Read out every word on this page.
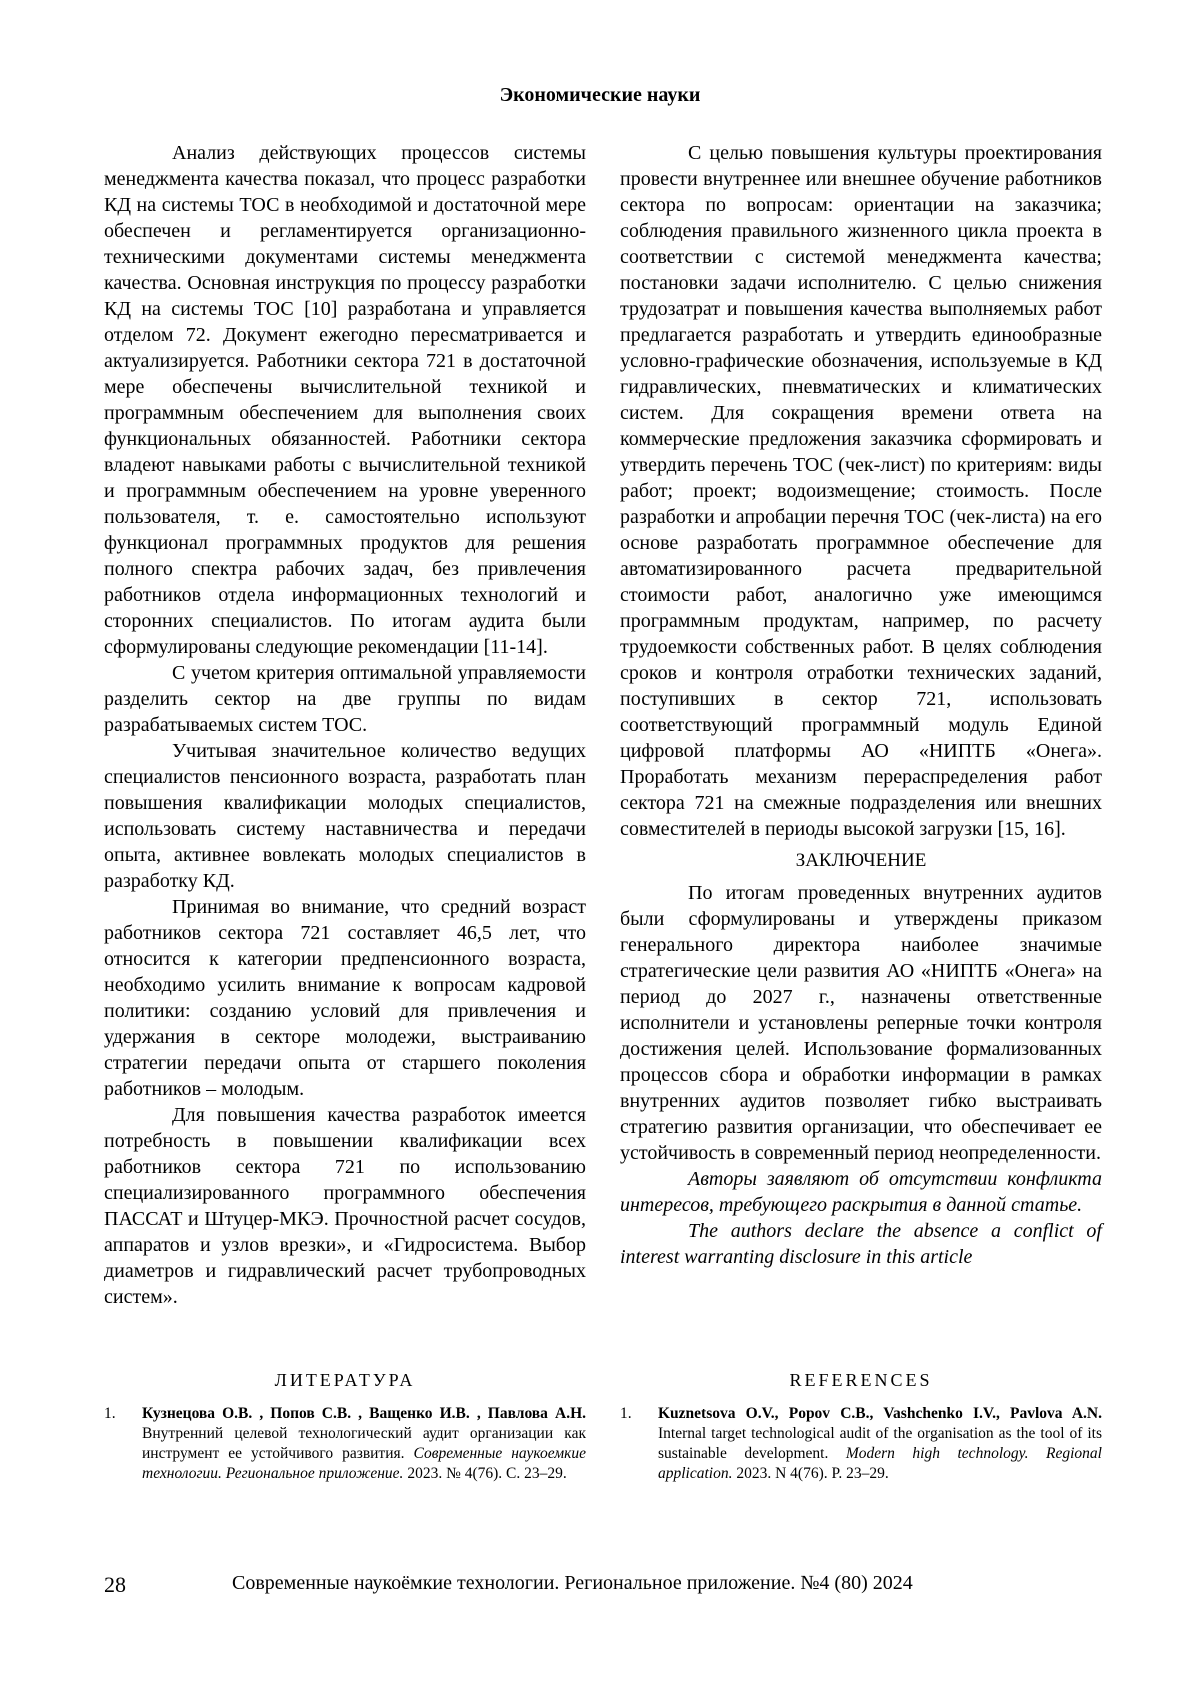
Экономические науки

Анализ действующих процессов системы менеджмента качества показал, что процесс разработки КД на системы ТОС в необходимой и достаточной мере обеспечен и регламентируется организационно-техническими документами системы менеджмента качества. Основная инструкция по процессу разработки КД на системы ТОС [10] разработана и управляется отделом 72. Документ ежегодно пересматривается и актуализируется. Работники сектора 721 в достаточной мере обеспечены вычислительной техникой и программным обеспечением для выполнения своих функциональных обязанностей. Работники сектора владеют навыками работы с вычислительной техникой и программным обеспечением на уровне уверенного пользователя, т. е. самостоятельно используют функционал программных продуктов для решения полного спектра рабочих задач, без привлечения работников отдела информационных технологий и сторонних специалистов. По итогам аудита были сформулированы следующие рекомендации [11-14].

С учетом критерия оптимальной управляемости разделить сектор на две группы по видам разрабатываемых систем ТОС.

Учитывая значительное количество ведущих специалистов пенсионного возраста, разработать план повышения квалификации молодых специалистов, использовать систему наставничества и передачи опыта, активнее вовлекать молодых специалистов в разработку КД.

Принимая во внимание, что средний возраст работников сектора 721 составляет 46,5 лет, что относится к категории предпенсионного возраста, необходимо усилить внимание к вопросам кадровой политики: созданию условий для привлечения и удержания в секторе молодежи, выстраиванию стратегии передачи опыта от старшего поколения работников – молодым.

Для повышения качества разработок имеется потребность в повышении квалификации всех работников сектора 721 по использованию специализированного программного обеспечения ПАССАТ и Штуцер-МКЭ. Прочностной расчет сосудов, аппаратов и узлов врезки», и «Гидросистема. Выбор диаметров и гидравлический расчет трубопроводных систем».

С целью повышения культуры проектирования провести внутреннее или внешнее обучение работников сектора по вопросам: ориентации на заказчика; соблюдения правильного жизненного цикла проекта в соответствии с системой менеджмента качества; постановки задачи исполнителю. С целью снижения трудозатрат и повышения качества выполняемых работ предлагается разработать и утвердить единообразные условно-графические обозначения, используемые в КД гидравлических, пневматических и климатических систем. Для сокращения времени ответа на коммерческие предложения заказчика сформировать и утвердить перечень ТОС (чек-лист) по критериям: виды работ; проект; водоизмещение; стоимость. После разработки и апробации перечня ТОС (чек-листа) на его основе разработать программное обеспечение для автоматизированного расчета предварительной стоимости работ, аналогично уже имеющимся программным продуктам, например, по расчету трудоемкости собственных работ. В целях соблюдения сроков и контроля отработки технических заданий, поступивших в сектор 721, использовать соответствующий программный модуль Единой цифровой платформы АО «НИПТБ «Онега». Проработать механизм перераспределения работ сектора 721 на смежные подразделения или внешних совместителей в периоды высокой загрузки [15, 16].

ЗАКЛЮЧЕНИЕ

По итогам проведенных внутренних аудитов были сформулированы и утверждены приказом генерального директора наиболее значимые стратегические цели развития АО «НИПТБ «Онега» на период до 2027 г., назначены ответственные исполнители и установлены реперные точки контроля достижения целей. Использование формализованных процессов сбора и обработки информации в рамках внутренних аудитов позволяет гибко выстраивать стратегию развития организации, что обеспечивает ее устойчивость в современный период неопределенности.

Авторы заявляют об отсутствии конфликта интересов, требующего раскрытия в данной статье.

The authors declare the absence a conflict of interest warranting disclosure in this article

ЛИТЕРАТУРА	REFERENCES
1. Кузнецова О.В. , Попов С.В. , Ващенко И.В. , Павлова А.Н. Внутренний целевой технологический аудит организации как инструмент ее устойчивого развития. Современные наукоемкие технологии. Региональное приложение. 2023. № 4(76). С. 23–29.
1. Kuznetsova O.V., Popov C.B., Vashchenko I.V., Pavlova A.N. Internal target technological audit of the organisation as the tool of its sustainable development. Modern high technology. Regional application. 2023. N 4(76). P. 23–29.
28	Современные наукоёмкие технологии. Региональное приложение. №4 (80) 2024
